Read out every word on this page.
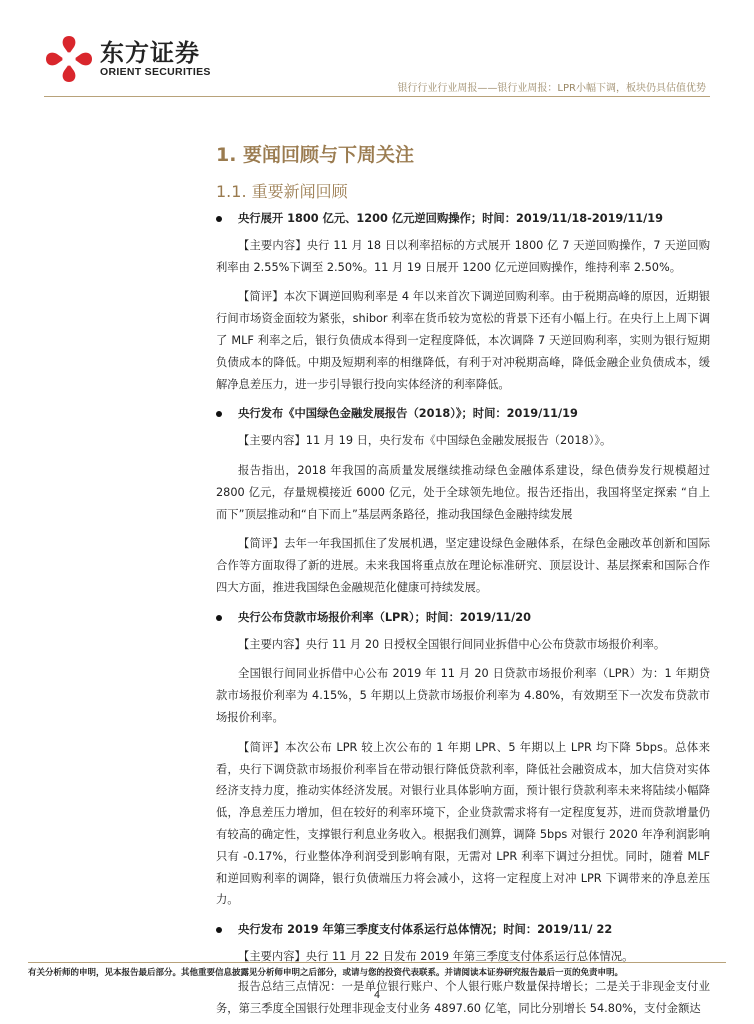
东方证券
ORIENT SECURITIES
银行行业行业周报——银行业周报：LPR小幅下调，板块仍具估值优势
1. 要闻回顾与下周关注
1.1. 重要新闻回顾
央行展开 1800 亿元、1200 亿元逆回购操作；时间：2019/11/18-2019/11/19
【主要内容】央行 11 月 18 日以利率招标的方式展开 1800 亿 7 天逆回购操作，7 天逆回购利率由 2.55%下调至 2.50%。11 月 19 日展开 1200 亿元逆回购操作，维持利率 2.50%。
【简评】本次下调逆回购利率是 4 年以来首次下调逆回购利率。由于税期高峰的原因，近期银行间市场资金面较为紧张，shibor 利率在货币较为宽松的背景下还有小幅上行。在央行上上周下调了 MLF 利率之后，银行负债成本得到一定程度降低，本次调降 7 天逆回购利率，实则为银行短期负债成本的降低。中期及短期利率的相继降低，有利于对冲税期高峰，降低金融企业负债成本，缓解净息差压力，进一步引导银行投向实体经济的利率降低。
央行发布《中国绿色金融发展报告（2018）》；时间：2019/11/19
【主要内容】11 月 19 日，央行发布《中国绿色金融发展报告（2018）》。
报告指出，2018 年我国的高质量发展继续推动绿色金融体系建设，绿色债券发行规模超过 2800 亿元，存量规模接近 6000 亿元，处于全球领先地位。报告还指出，我国将坚定探索 “自上而下”顶层推动和“自下而上”基层两条路径，推动我国绿色金融持续发展
【简评】去年一年我国抓住了发展机遇，坚定建设绿色金融体系，在绿色金融改革创新和国际合作等方面取得了新的进展。未来我国将重点放在理论标准研究、顶层设计、基层探索和国际合作四大方面，推进我国绿色金融规范化健康可持续发展。
央行公布贷款市场报价利率（LPR）；时间：2019/11/20
【主要内容】央行 11 月 20 日授权全国银行间同业拆借中心公布贷款市场报价利率。
全国银行间同业拆借中心公布 2019 年 11 月 20 日贷款市场报价利率（LPR）为：1 年期贷款市场报价利率为 4.15%，5 年期以上贷款市场报价利率为 4.80%，有效期至下一次发布贷款市场报价利率。
【简评】本次公布 LPR 较上次公布的 1 年期 LPR、5 年期以上 LPR 均下降 5bps。总体来看，央行下调贷款市场报价利率旨在带动银行降低贷款利率，降低社会融资成本，加大信贷对实体经济支持力度，推动实体经济发展。对银行业具体影响方面，预计银行贷款利率未来将陆续小幅降低，净息差压力增加，但在较好的利率环境下，企业贷款需求将有一定程度复苏，进而贷款增量仍有较高的确定性，支撑银行利息业务收入。根据我们测算，调降 5bps 对银行 2020 年净利润影响只有 -0.17%，行业整体净利润受到影响有限，无需对 LPR 利率下调过分担忧。同时，随着 MLF 和逆回购利率的调降，银行负债端压力将会减小，这将一定程度上对冲 LPR 下调带来的净息差压力。
央行发布 2019 年第三季度支付体系运行总体情况；时间：2019/11/ 22
【主要内容】央行 11 月 22 日发布 2019 年第三季度支付体系运行总体情况。
报告总结三点情况：一是单位银行账户、个人银行账户数量保持增长；二是关于非现金支付业务，第三季度全国银行处理非现金支付业务 4897.60 亿笔，同比分别增长 54.80%，支付金额达
有关分析师的申明，见本报告最后部分。其他重要信息披露见分析师申明之后部分，或请与您的投资代表联系。并请阅读本证券研究报告最后一页的免责申明。
4
